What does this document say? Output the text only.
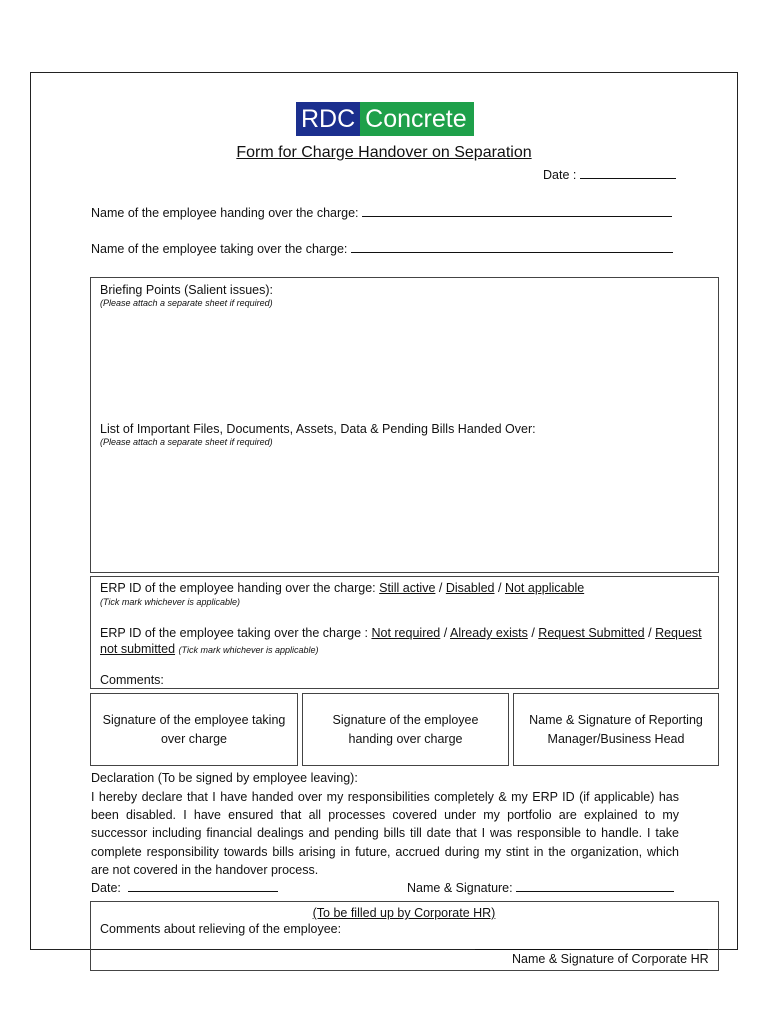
RDC Concrete
Form for Charge Handover on Separation
Date :
Name of the employee handing over the charge:
Name of the employee taking over the charge:
Briefing Points (Salient issues):
(Please attach a separate sheet if required)
List of Important Files, Documents, Assets, Data & Pending Bills Handed Over:
(Please attach a separate sheet if required)
ERP ID of the employee handing over the charge: Still active / Disabled / Not applicable
(Tick mark whichever is applicable)
ERP ID of the employee taking over the charge : Not required / Already exists / Request Submitted / Request
not submitted (Tick mark whichever is applicable)
Comments:
Signature of the employee taking over charge
Signature of the employee handing over charge
Name & Signature of Reporting Manager/Business Head
Declaration (To be signed by employee leaving):
I hereby declare that I have handed over my responsibilities completely & my ERP ID (if applicable) has been disabled. I have ensured that all processes covered under my portfolio are explained to my successor including financial dealings and pending bills till date that I was responsible to handle. I take complete responsibility towards bills arising in future, accrued during my stint in the organization, which are not covered in the handover process.
Date:	Name & Signature:
(To be filled up by Corporate HR)
Comments about relieving of the employee:
Name & Signature of Corporate HR
